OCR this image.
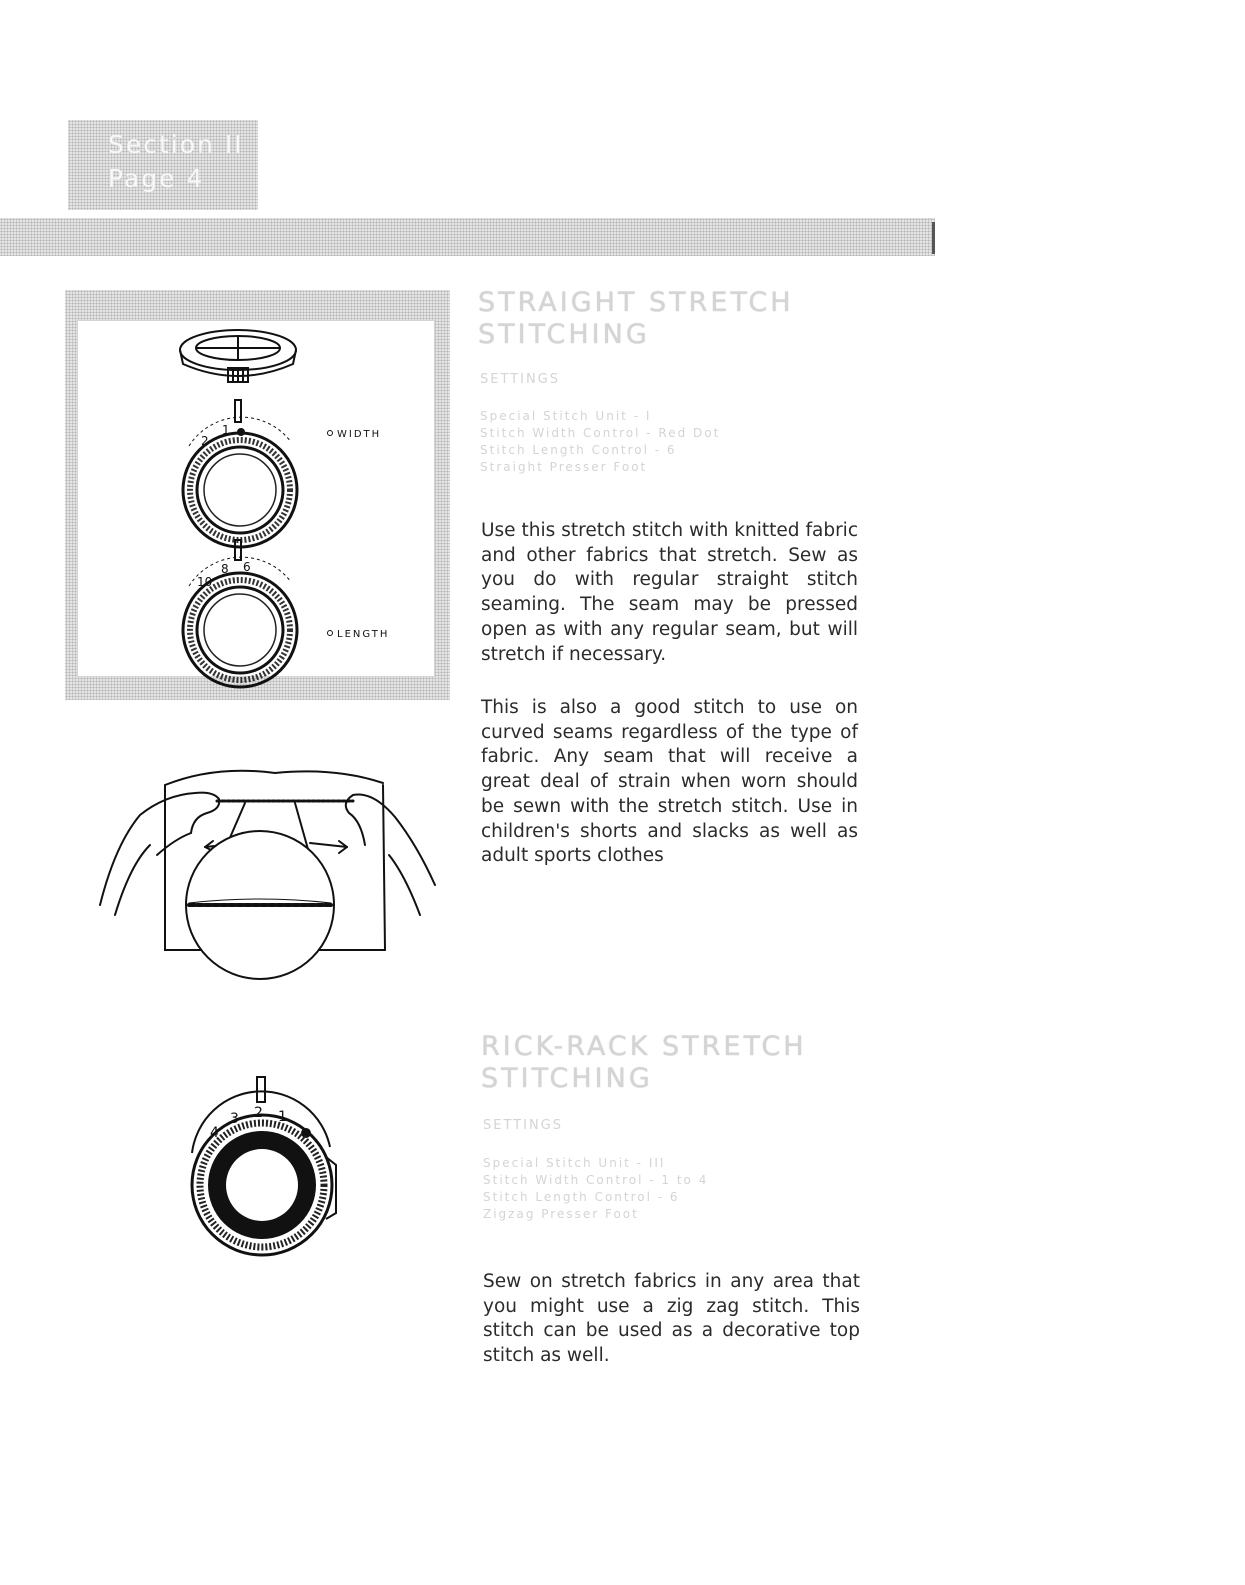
Section II
Page 4
2
1	WIDTH
10
8 6
LENGTH
4
3 2 1
STRAIGHT STRETCH
STITCHING
SETTINGS
Special Stitch Unit - I
Stitch Width Control - Red Dot
Stitch Length Control - 6
Straight Presser Foot

Use this stretch stitch with knitted fabric and other fabrics that stretch. Sew as you do with regular straight stitch seaming. The seam may be pressed open as with any regular seam, but will stretch if necessary.

This is also a good stitch to use on curved seams regardless of the type of fabric. Any seam that will receive a great deal of strain when worn should be sewn with the stretch stitch. Use in children's shorts and slacks as well as adult sports clothes

RICK-RACK STRETCH
STITCHING
SETTINGS
Special Stitch Unit - III
Stitch Width Control - 1 to 4
Stitch Length Control - 6
Zigzag Presser Foot

Sew on stretch fabrics in any area that you might use a zig zag stitch. This stitch can be used as a decorative top stitch as well.
